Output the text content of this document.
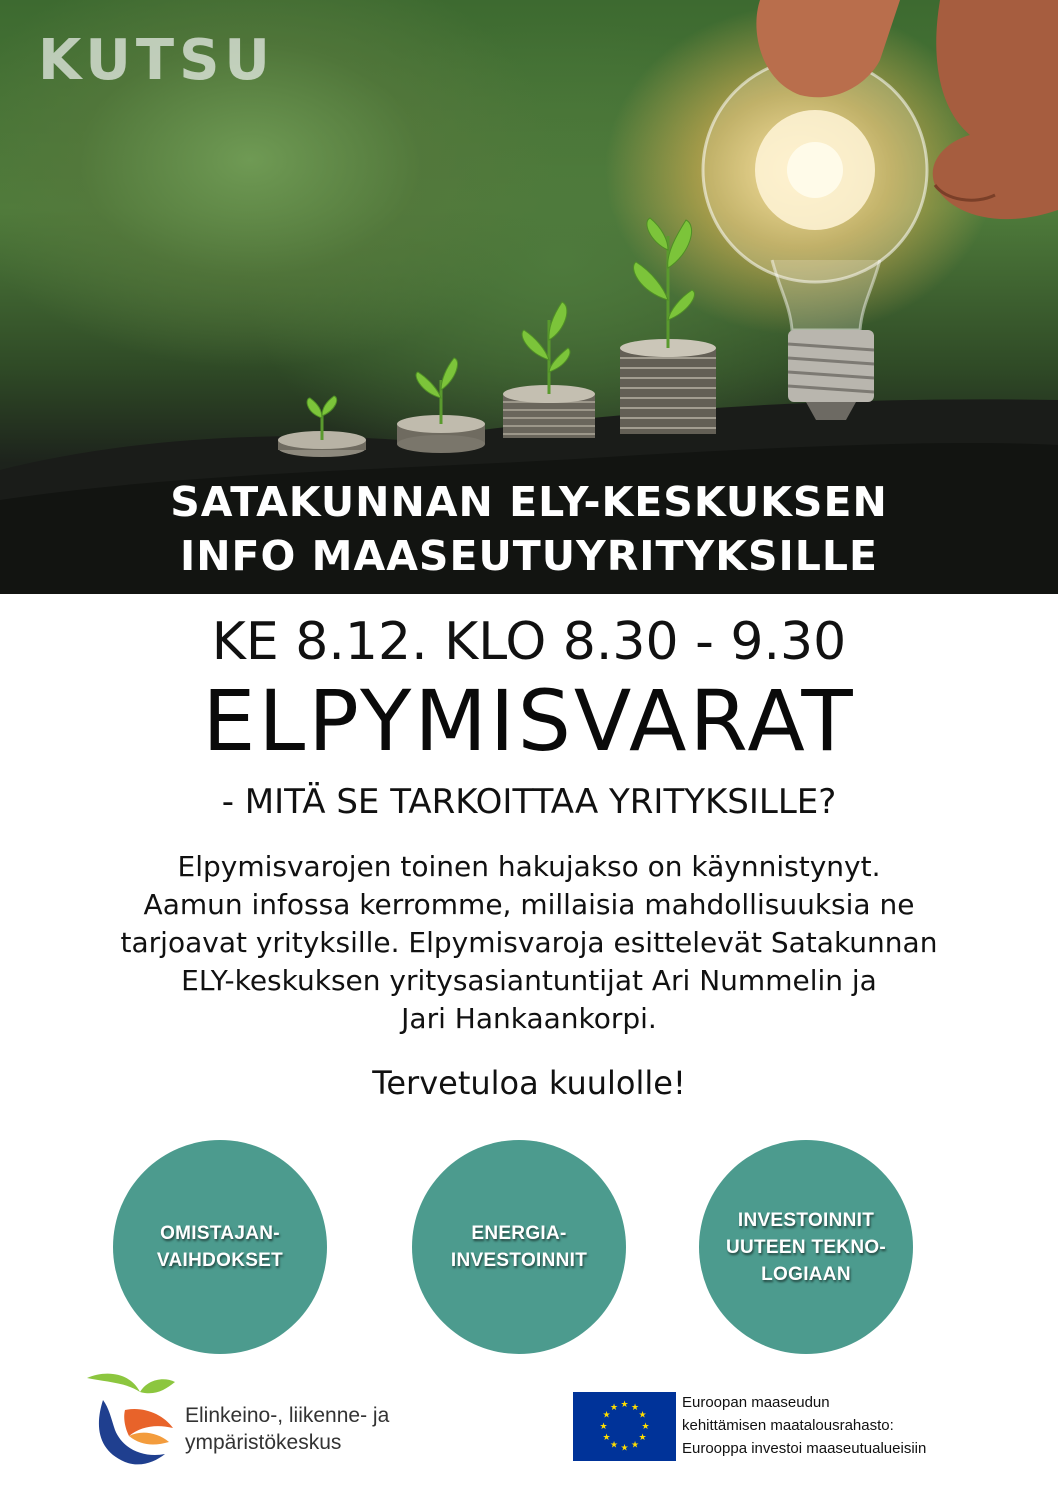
KUTSU
SATAKUNNAN ELY-KESKUKSEN
INFO MAASEUTUYRITYKSILLE
KE 8.12. KLO 8.30 - 9.30
ELPYMISVARAT
- MITÄ SE TARKOITTAA YRITYKSILLE?
Elpymisvarojen toinen hakujakso on käynnistynyt.
Aamun infossa kerromme, millaisia mahdollisuuksia ne
tarjoavat yrityksille. Elpymisvaroja esittelevät Satakunnan
ELY-keskuksen yritysasiantuntijat Ari Nummelin ja
Jari Hankaankorpi.
Tervetuloa kuulolle!
OMISTAJAN-
VAIHDOKSET
ENERGIA-
INVESTOINNIT
INVESTOINNIT
UUTEEN TEKNO-
LOGIAAN
Elinkeino-, liikenne- ja
ympäristökeskus
★ ★
★
★
★
★
★
★
★
★
★
★	Euroopan maaseudun
kehittämisen maatalousrahasto:
Eurooppa investoi maaseutualueisiin
